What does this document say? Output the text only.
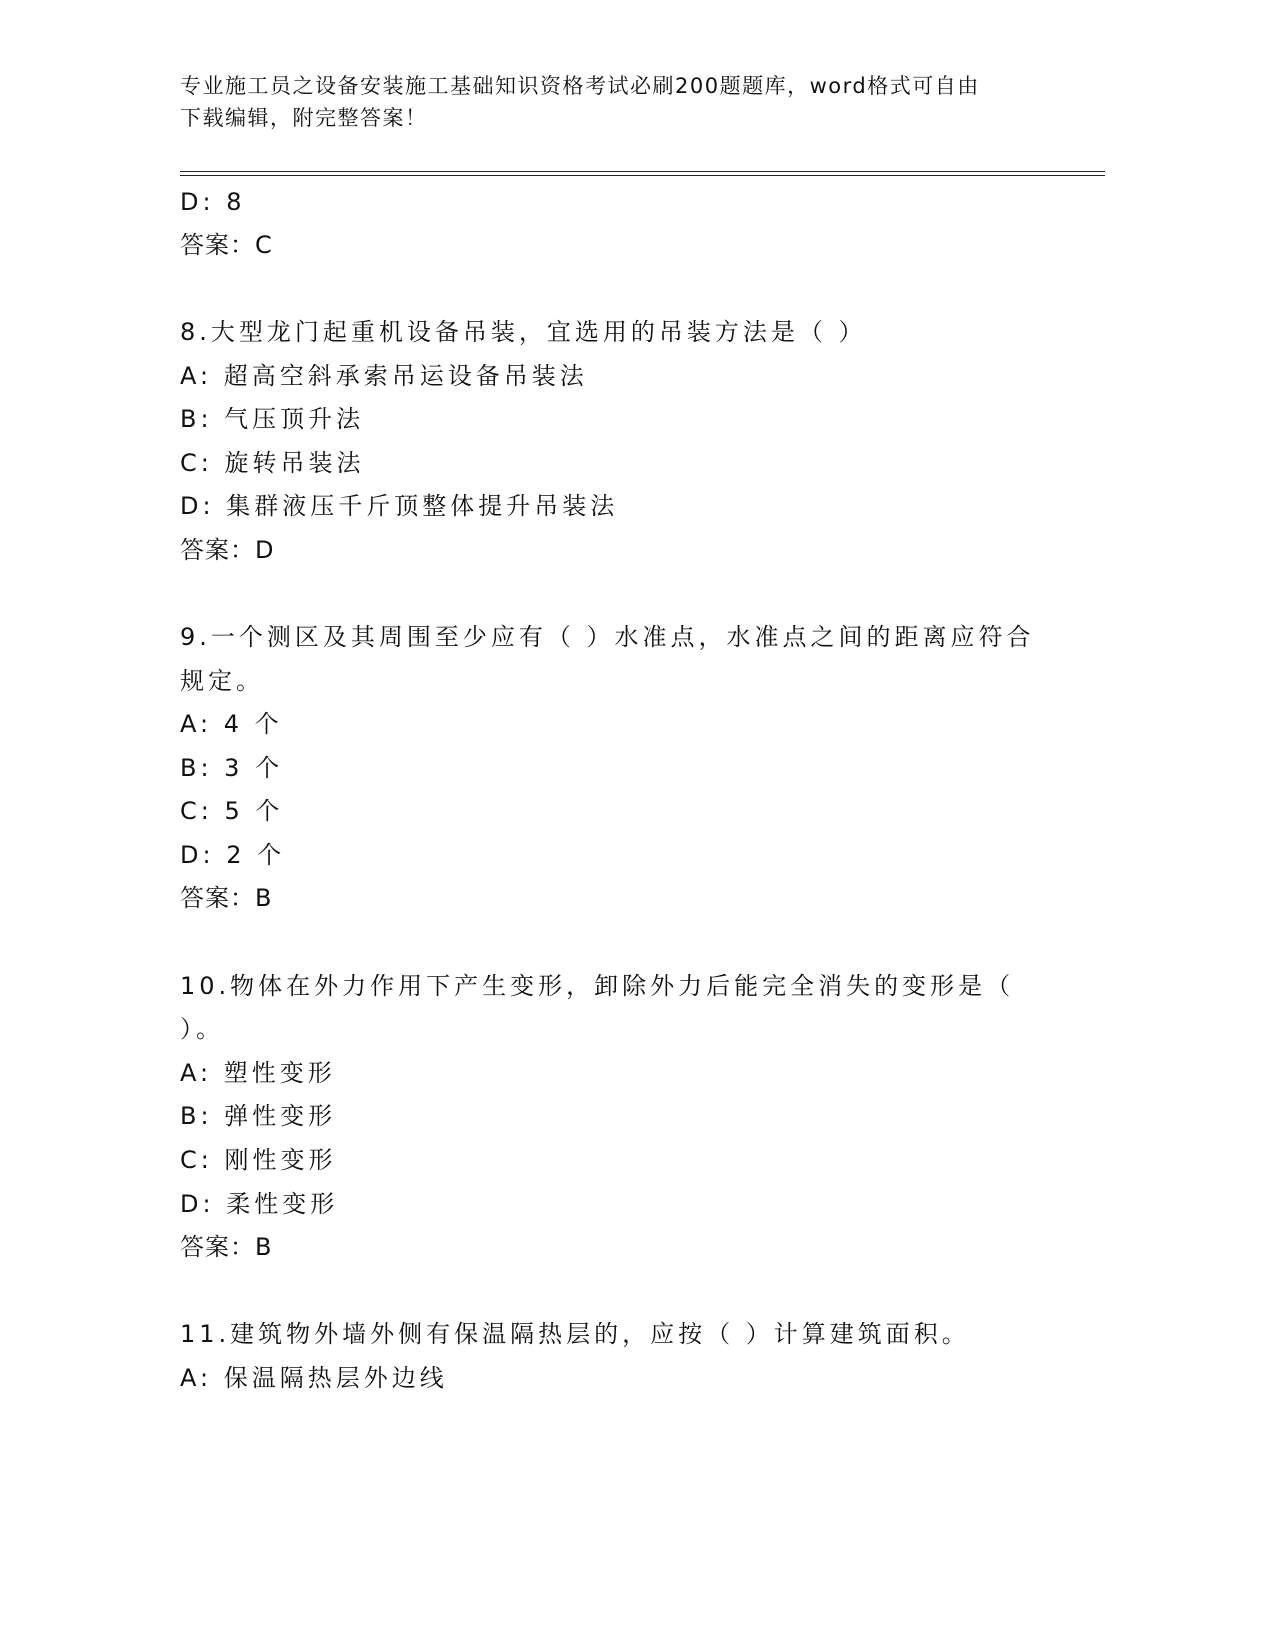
专业施工员之设备安装施工基础知识资格考试必刷200题题库，word格式可自由
下载编辑，附完整答案！
D: 8
答案：C
8.大型龙门起重机设备吊装，宜选用的吊装方法是（ ）
A: 超高空斜承索吊运设备吊装法
B: 气压顶升法
C: 旋转吊装法
D: 集群液压千斤顶整体提升吊装法
答案：D
9.一个测区及其周围至少应有（ ）水准点，水准点之间的距离应符合
规定。
A: 4 个
B: 3 个
C: 5 个
D: 2 个
答案：B
10.物体在外力作用下产生变形，卸除外力后能完全消失的变形是（
）。
A: 塑性变形
B: 弹性变形
C: 刚性变形
D: 柔性变形
答案：B
11.建筑物外墙外侧有保温隔热层的，应按（ ）计算建筑面积。
A: 保温隔热层外边线
